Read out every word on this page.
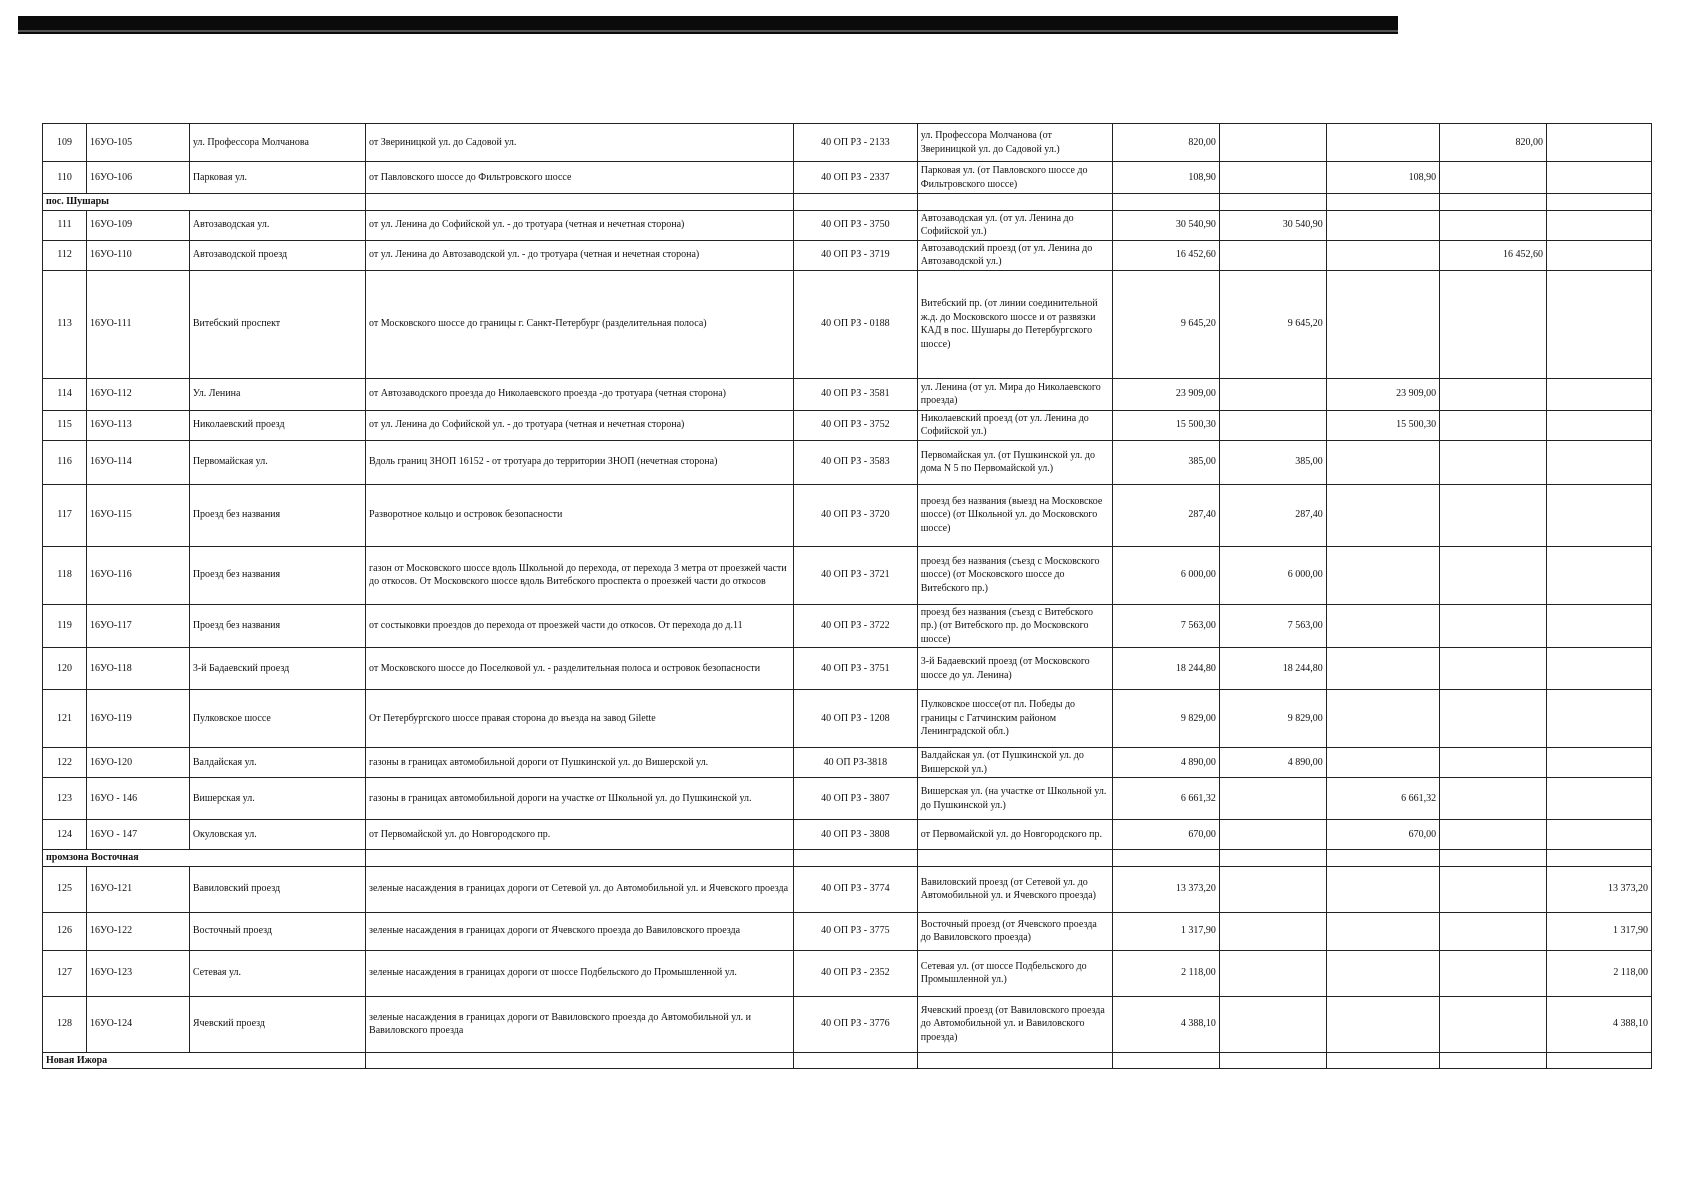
109	16УО-105	ул. Профессора Молчанова	от Звериницкой ул. до Садовой ул.	40 ОП РЗ - 2133	ул. Профессора Молчанова (от Звериницкой ул. до Садовой ул.)	820,00			820,00	
110	16УО-106	Парковая ул.	от Павловского шоссе до Фильтровского шоссе	40 ОП РЗ - 2337	Парковая ул. (от Павловского шоссе до Фильтровского шоссе)	108,90		108,90		
пос. Шушары										
111	16УО-109	Автозаводская ул.	от ул. Ленина до Софийской ул. - до тротуара (четная и нечетная сторона)	40 ОП РЗ - 3750	Автозаводская ул. (от ул. Ленина до Софийской ул.)	30 540,90	30 540,90			
112	16УО-110	Автозаводской проезд	от ул. Ленина до Автозаводской ул. - до тротуара (четная и нечетная сторона)	40 ОП РЗ - 3719	Автозаводский проезд (от ул. Ленина до Автозаводской ул.)	16 452,60			16 452,60	
113	16УО-111	Витебский проспект	от Московского шоссе до границы г. Санкт-Петербург (разделительная полоса)	40 ОП РЗ - 0188	Витебский пр. (от линии соединительной ж.д. до Московского шоссе и от развязки КАД в пос. Шушары до Петербургского шоссе)	9 645,20	9 645,20			
114	16УО-112	Ул. Ленина	от Автозаводского проезда до Николаевского проезда -до тротуара (четная сторона)	40 ОП РЗ - 3581	ул. Ленина (от ул. Мира до Николаевского проезда)	23 909,00		23 909,00		
115	16УО-113	Николаевский проезд	от ул. Ленина до Софийской ул. - до тротуара (четная и нечетная сторона)	40 ОП РЗ - 3752	Николаевский проезд (от ул. Ленина до Софийской ул.)	15 500,30		15 500,30		
116	16УО-114	Первомайская ул.	Вдоль границ ЗНОП 16152 - от тротуара до территории ЗНОП (нечетная сторона)	40 ОП РЗ - 3583	Первомайская ул. (от Пушкинской ул. до дома N 5 по Первомайской ул.)	385,00	385,00			
117	16УО-115	Проезд без названия	Разворотное кольцо и островок безопасности	40 ОП РЗ - 3720	проезд без названия (выезд на Московское шоссе) (от Школьной ул. до Московского шоссе)	287,40	287,40			
118	16УО-116	Проезд без названия	газон от Московского шоссе вдоль Школьной до перехода, от перехода 3 метра от проезжей части до откосов. От Московского шоссе вдоль Витебского проспекта о проезжей части до откосов	40 ОП РЗ - 3721	проезд без названия (съезд с Московского шоссе) (от Московского шоссе до Витебского пр.)	6 000,00	6 000,00			
119	16УО-117	Проезд без названия	от состыковки проездов до перехода от проезжей части до откосов. От перехода до д.11	40 ОП РЗ - 3722	проезд без названия (съезд с Витебского пр.) (от Витебского пр. до Московского шоссе)	7 563,00	7 563,00			
120	16УО-118	3-й Бадаевский проезд	от Московского шоссе до Поселковой ул. - разделительная полоса и островок безопасности	40 ОП РЗ - 3751	3-й Бадаевский проезд (от Московского шоссе до ул. Ленина)	18 244,80	18 244,80			
121	16УО-119	Пулковское шоссе	От Петербургского шоссе правая сторона до въезда на завод Gilette	40 ОП РЗ - 1208	Пулковское шоссе(от пл. Победы до границы с Гатчинским районом Ленинградской обл.)	9 829,00	9 829,00			
122	16УО-120	Валдайская ул.	газоны в границах автомобильной дороги от Пушкинской ул. до Вишерской ул.	40 ОП РЗ-3818	Валдайская ул. (от Пушкинской ул. до Вишерской ул.)	4 890,00	4 890,00			
123	16УО - 146	Вишерская ул.	газоны в границах автомобильной дороги на участке от Школьной ул. до Пушкинской ул.	40 ОП РЗ - 3807	Вишерская ул. (на участке от Школьной ул. до Пушкинской ул.)	6 661,32		6 661,32		
124	16УО - 147	Окуловская ул.	от Первомайской ул. до Новгородского пр.	40 ОП РЗ - 3808	от Первомайской ул. до Новгородского пр.	670,00		670,00		
промзона Восточная										
125	16УО-121	Вавиловский проезд	зеленые насаждения в границах дороги от Сетевой ул. до Автомобильной ул. и Ячевского проезда	40 ОП РЗ - 3774	Вавиловский проезд (от Сетевой ул. до Автомобильной ул. и Ячевского проезда)	13 373,20				13 373,20
126	16УО-122	Восточный проезд	зеленые насаждения в границах дороги от Ячевского проезда до Вавиловского проезда	40 ОП РЗ - 3775	Восточный проезд (от Ячевского проезда до Вавиловского проезда)	1 317,90				1 317,90
127	16УО-123	Сетевая ул.	зеленые насаждения в границах дороги от шоссе Подбельского до Промышленной ул.	40 ОП РЗ - 2352	Сетевая ул. (от шоссе Подбельского до Промышленной ул.)	2 118,00				2 118,00
128	16УО-124	Ячевский проезд	зеленые насаждения в границах дороги от Вавиловского проезда до Автомобильной ул. и Вавиловского проезда	40 ОП РЗ - 3776	Ячевский проезд (от Вавиловского проезда до Автомобильной ул. и Вавиловского проезда)	4 388,10				4 388,10
Новая Ижора										
